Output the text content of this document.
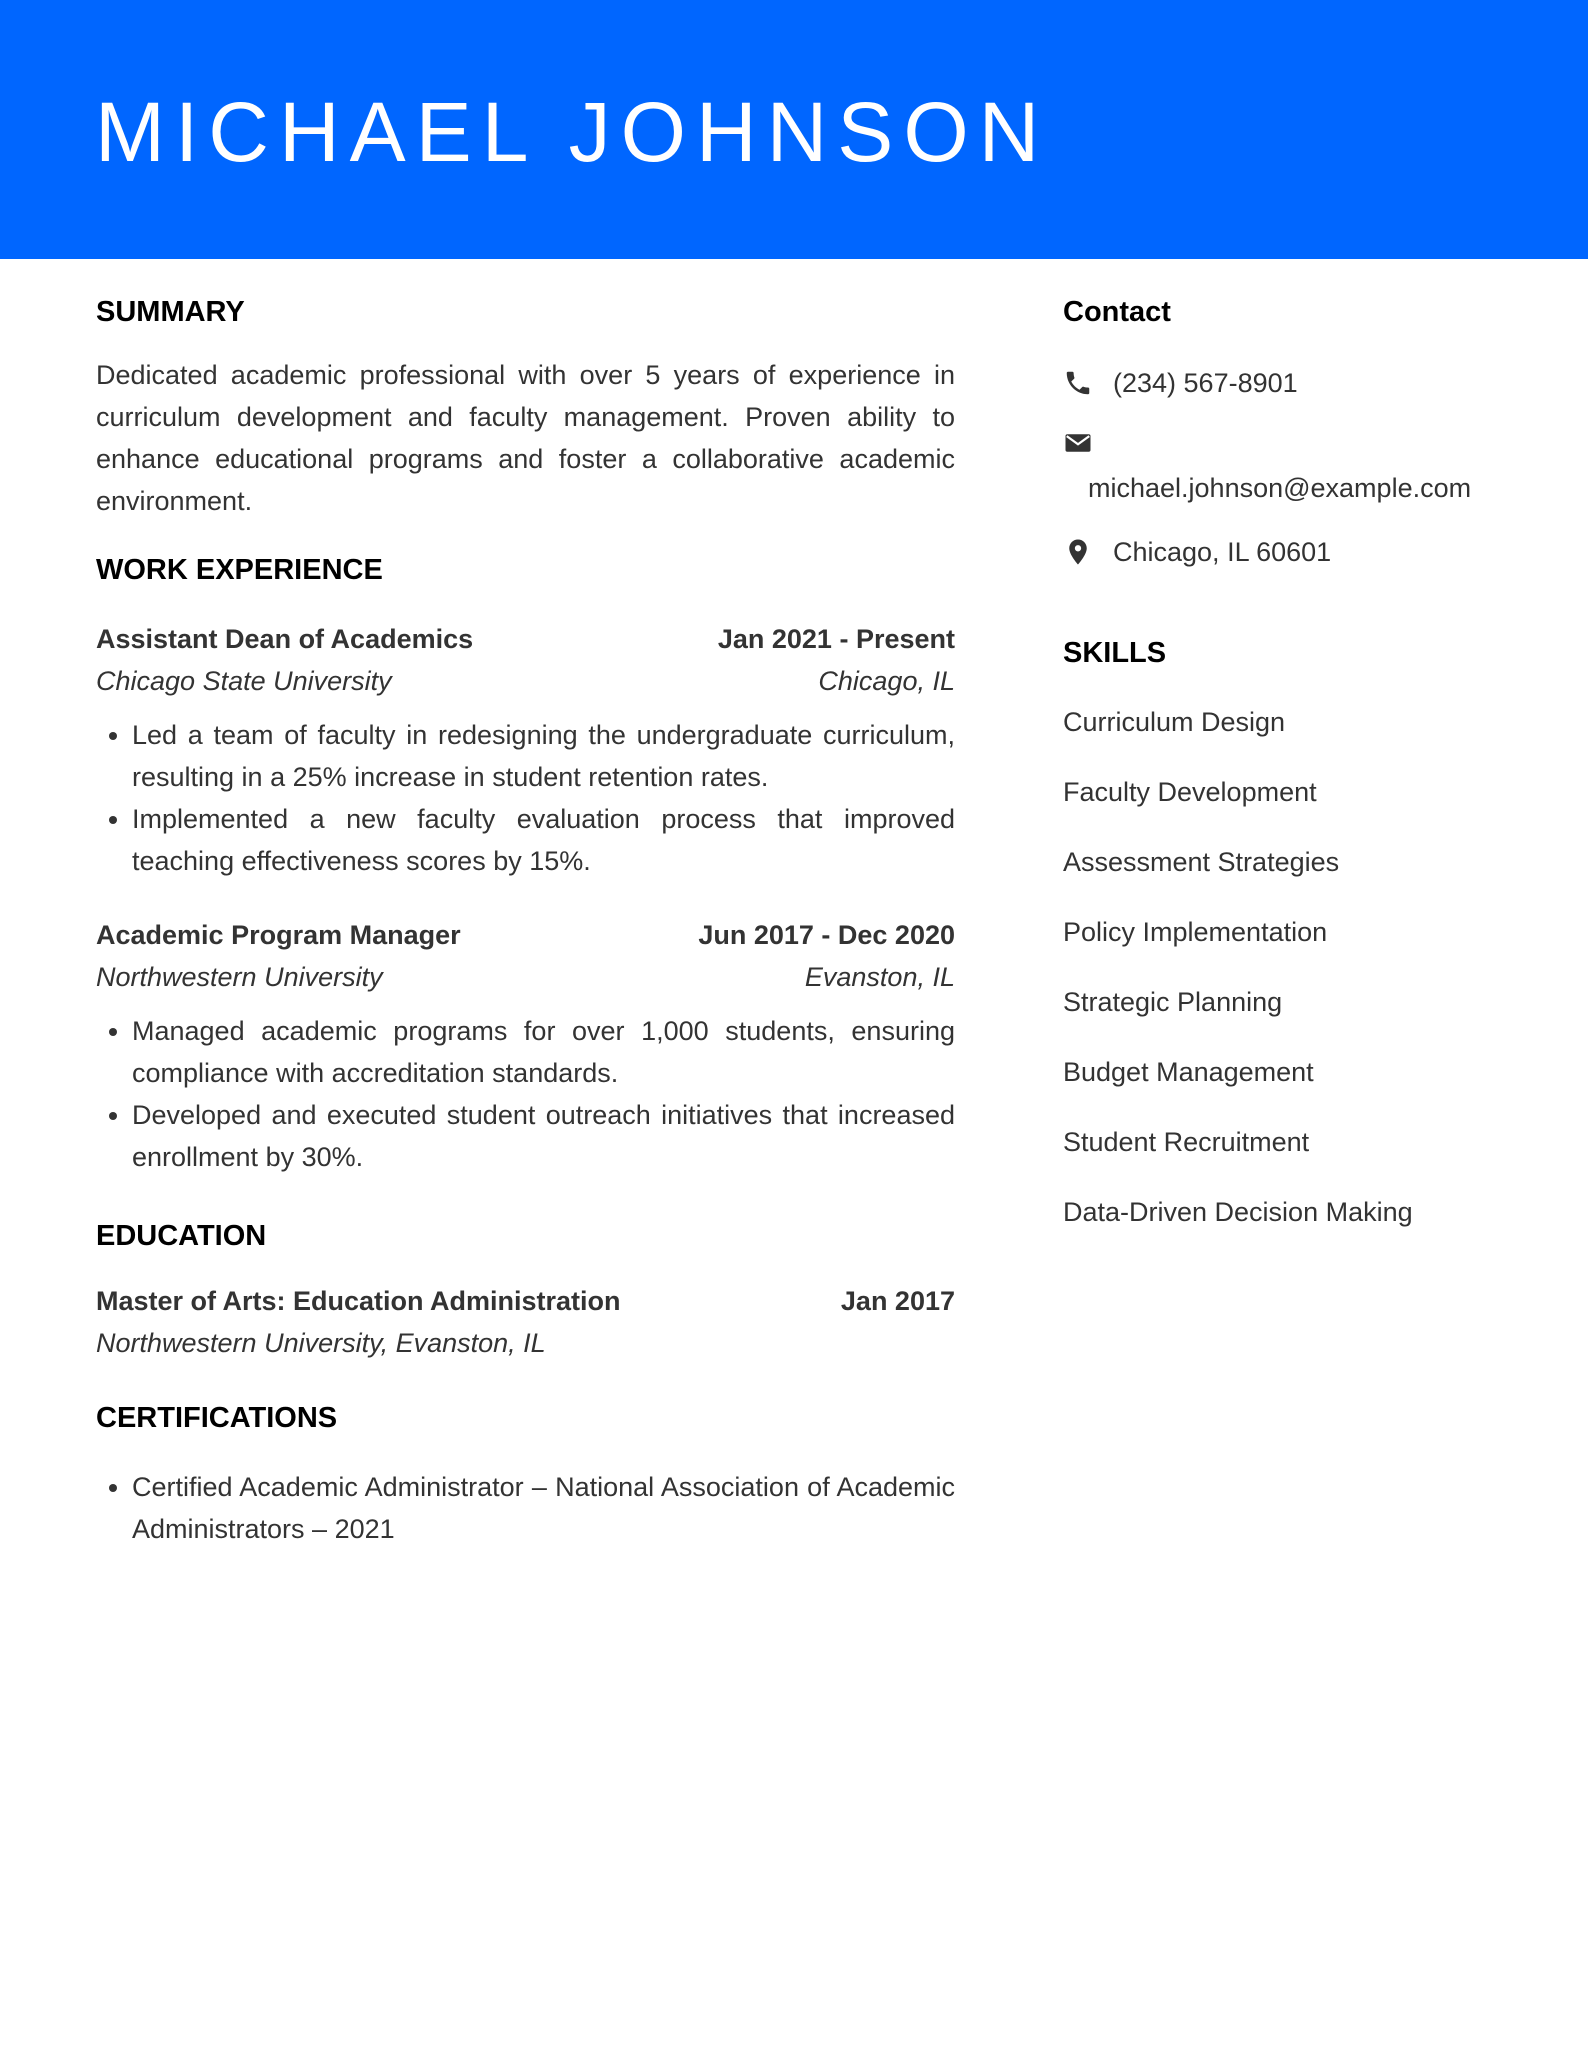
MICHAEL JOHNSON
SUMMARY

Dedicated academic professional with over 5 years of experience in curriculum development and faculty management. Proven ability to enhance educational programs and foster a collaborative academic environment.

WORK EXPERIENCE
Assistant Dean of Academics	Jan 2021 - Present
Chicago State University	Chicago, IL
• Led a team of faculty in redesigning the undergraduate curriculum, resulting in a 25% increase in student retention rates.
• Implemented a new faculty evaluation process that improved teaching effectiveness scores by 15%.
Academic Program Manager	Jun 2017 - Dec 2020
Northwestern University	Evanston, IL
• Managed academic programs for over 1,000 students, ensuring compliance with accreditation standards.
• Developed and executed student outreach initiatives that increased enrollment by 30%.
EDUCATION
Master of Arts: Education Administration	Jan 2017
Northwestern University, Evanston, IL
CERTIFICATIONS
• Certified Academic Administrator – National Association of Academic Administrators – 2021
Contact
(234) 567-8901
michael.johnson@example.com
Chicago, IL 60601
SKILLS
Curriculum Design
Faculty Development
Assessment Strategies
Policy Implementation
Strategic Planning
Budget Management
Student Recruitment
Data-Driven Decision Making
